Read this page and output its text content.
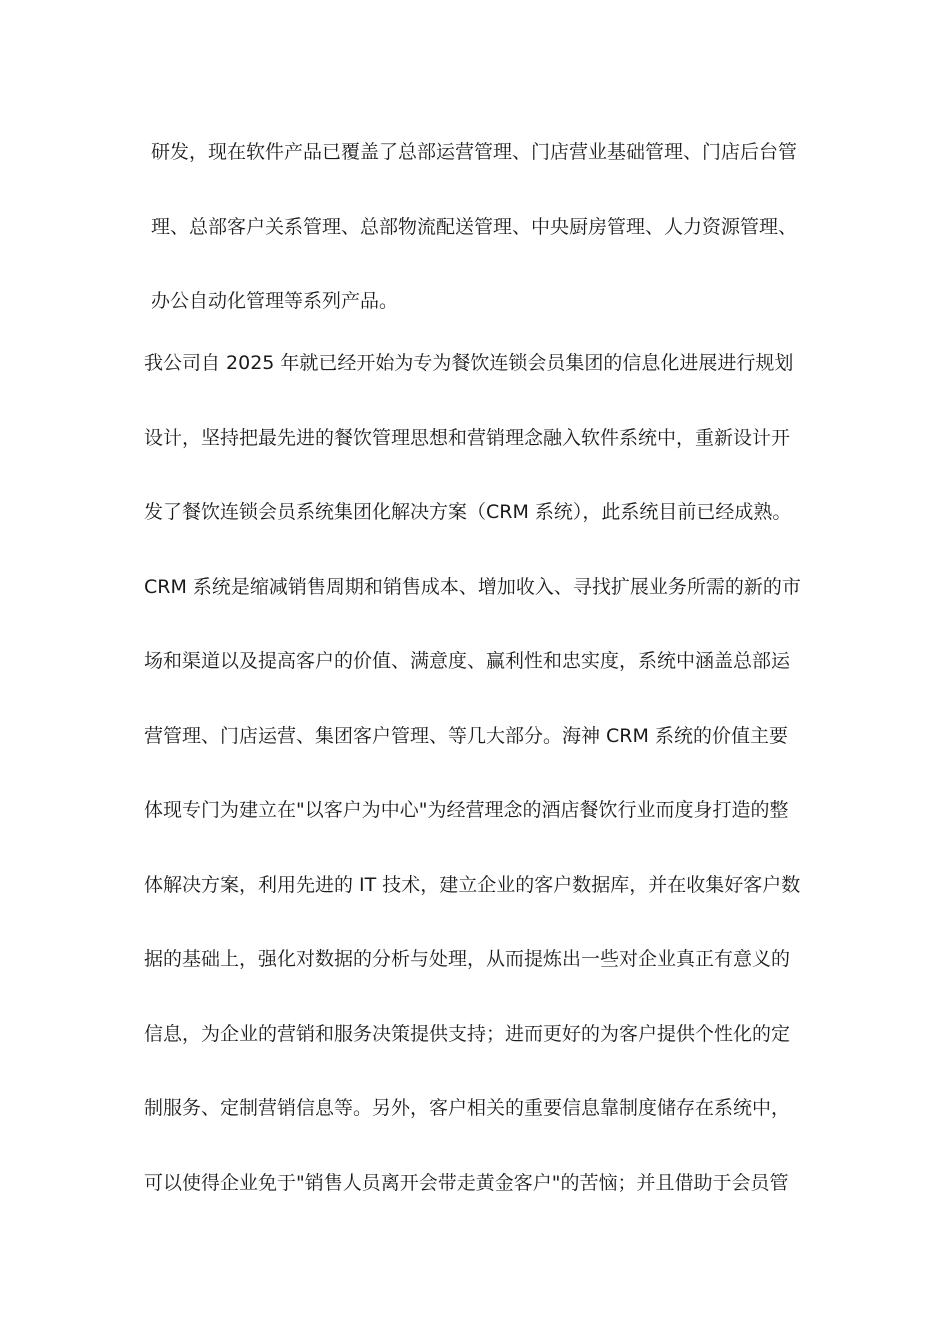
研发，现在软件产品已覆盖了总部运营管理、门店营业基础管理、门店后台管
理、总部客户关系管理、总部物流配送管理、中央厨房管理、人力资源管理、
办公自动化管理等系列产品。
我公司自 2025 年就已经开始为专为餐饮连锁会员集团的信息化进展进行规划
设计，坚持把最先进的餐饮管理思想和营销理念融入软件系统中，重新设计开
发了餐饮连锁会员系统集团化解决方案（CRM 系统），此系统目前已经成熟。
CRM 系统是缩减销售周期和销售成本、增加收入、寻找扩展业务所需的新的市
场和渠道以及提高客户的价值、满意度、赢利性和忠实度，系统中涵盖总部运
营管理、门店运营、集团客户管理、等几大部分。海神 CRM 系统的价值主要
体现专门为建立在"以客户为中心"为经营理念的酒店餐饮行业而度身打造的整
体解决方案，利用先进的 IT 技术，建立企业的客户数据库，并在收集好客户数
据的基础上，强化对数据的分析与处理，从而提炼出一些对企业真正有意义的
信息，为企业的营销和服务决策提供支持；进而更好的为客户提供个性化的定
制服务、定制营销信息等。另外，客户相关的重要信息靠制度储存在系统中，
可以使得企业免于"销售人员离开会带走黄金客户"的苦恼；并且借助于会员管
